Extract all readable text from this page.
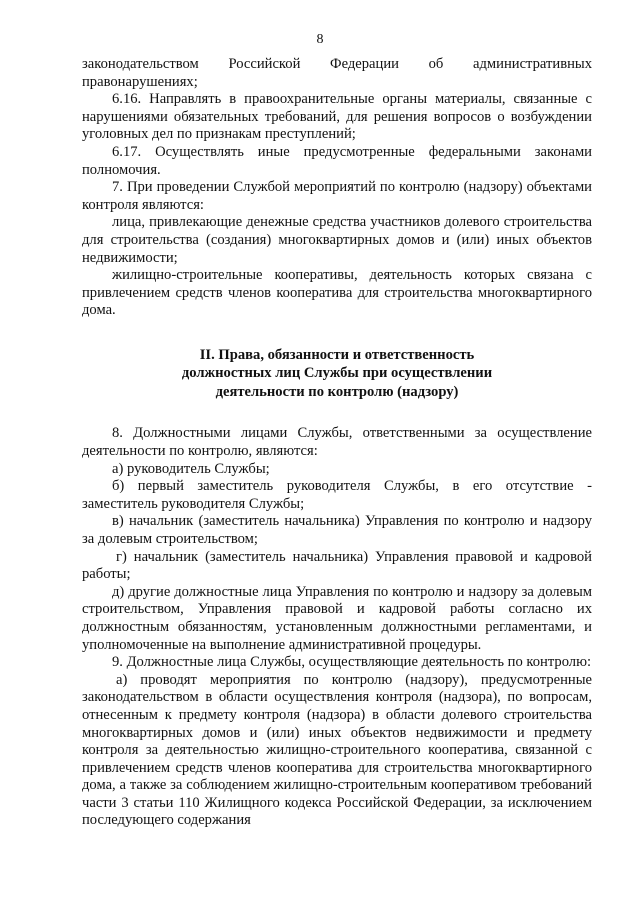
8

законодательством Российской Федерации об административных правонарушениях;

6.16. Направлять в правоохранительные органы материалы, связанные с нарушениями обязательных требований, для решения вопросов о возбуждении уголовных дел по признакам преступлений;

6.17. Осуществлять иные предусмотренные федеральными законами полномочия.

7. При проведении Службой мероприятий по контролю (надзору) объектами контроля являются:

лица, привлекающие денежные средства участников долевого строительства для строительства (создания) многоквартирных домов и (или) иных объектов недвижимости;

жилищно-строительные кооперативы, деятельность которых связана с привлечением средств членов кооператива для строительства многоквартирного дома.

II. Права, обязанности и ответственность
должностных лиц Службы при осуществлении
деятельности по контролю (надзору)

8. Должностными лицами Службы, ответственными за осуществление деятельности по контролю, являются:

а) руководитель Службы;

б) первый заместитель руководителя Службы, в его отсутствие - заместитель руководителя Службы;

в) начальник (заместитель начальника) Управления по контролю и надзору за долевым строительством;

г) начальник (заместитель начальника) Управления правовой и кадровой работы;

д) другие должностные лица Управления по контролю и надзору за долевым строительством, Управления правовой и кадровой работы согласно их должностным обязанностям, установленным должностными регламентами, и уполномоченные на выполнение административной процедуры.

9. Должностные лица Службы, осуществляющие деятельность по контролю:

а) проводят мероприятия по контролю (надзору), предусмотренные законодательством в области осуществления контроля (надзора), по вопросам, отнесенным к предмету контроля (надзора) в области долевого строительства многоквартирных домов и (или) иных объектов недвижимости и предмету контроля за деятельностью жилищно-строительного кооператива, связанной с привлечением средств членов кооператива для строительства многоквартирного дома, а также за соблюдением жилищно-строительным кооперативом требований части 3 статьи 110 Жилищного кодекса Российской Федерации, за исключением последующего содержания
